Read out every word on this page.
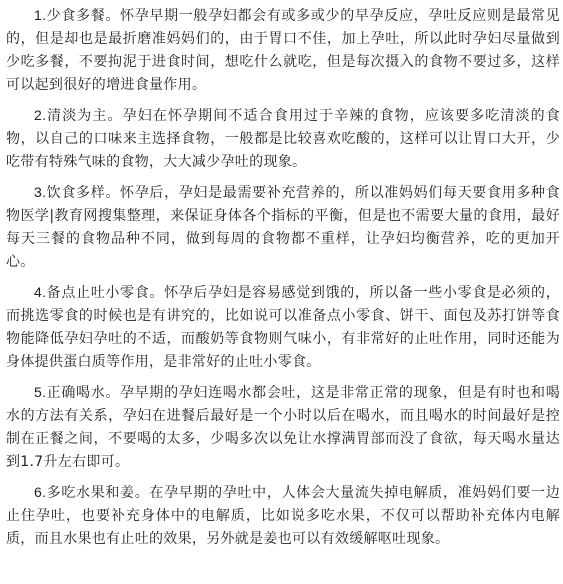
1.少食多餐。怀孕早期一般孕妇都会有或多或少的早孕反应，孕吐反应则是最常见的，但是却也是最折磨准妈妈们的，由于胃口不佳，加上孕吐，所以此时孕妇尽量做到少吃多餐，不要拘泥于进食时间，想吃什么就吃，但是每次摄入的食物不要过多，这样可以起到很好的增进食量作用。

2.清淡为主。孕妇在怀孕期间不适合食用过于辛辣的食物，应该要多吃清淡的食物，以自己的口味来主选择食物，一般都是比较喜欢吃酸的，这样可以让胃口大开，少吃带有特殊气味的食物，大大减少孕吐的现象。

3.饮食多样。怀孕后，孕妇是最需要补充营养的，所以准妈妈们每天要食用多种食物医学|教育网搜集整理，来保证身体各个指标的平衡，但是也不需要大量的食用，最好每天三餐的食物品种不同，做到每周的食物都不重样，让孕妇均衡营养，吃的更加开心。

4.备点止吐小零食。怀孕后孕妇是容易感觉到饿的，所以备一些小零食是必须的，而挑选零食的时候也是有讲究的，比如说可以准备点小零食、饼干、面包及苏打饼等食物能降低孕妇孕吐的不适，而酸奶等食物则气味小，有非常好的止吐作用，同时还能为身体提供蛋白质等作用，是非常好的止吐小零食。

5.正确喝水。孕早期的孕妇连喝水都会吐，这是非常正常的现象，但是有时也和喝水的方法有关系，孕妇在进餐后最好是一个小时以后在喝水，而且喝水的时间最好是控制在正餐之间，不要喝的太多，少喝多次以免让水撑满胃部而没了食欲，每天喝水量达到1.7升左右即可。

6.多吃水果和姜。在孕早期的孕吐中，人体会大量流失掉电解质，准妈妈们要一边止住孕吐，也要补充身体中的电解质，比如说多吃水果，不仅可以帮助补充体内电解质，而且水果也有止吐的效果，另外就是姜也可以有效缓解呕吐现象。
